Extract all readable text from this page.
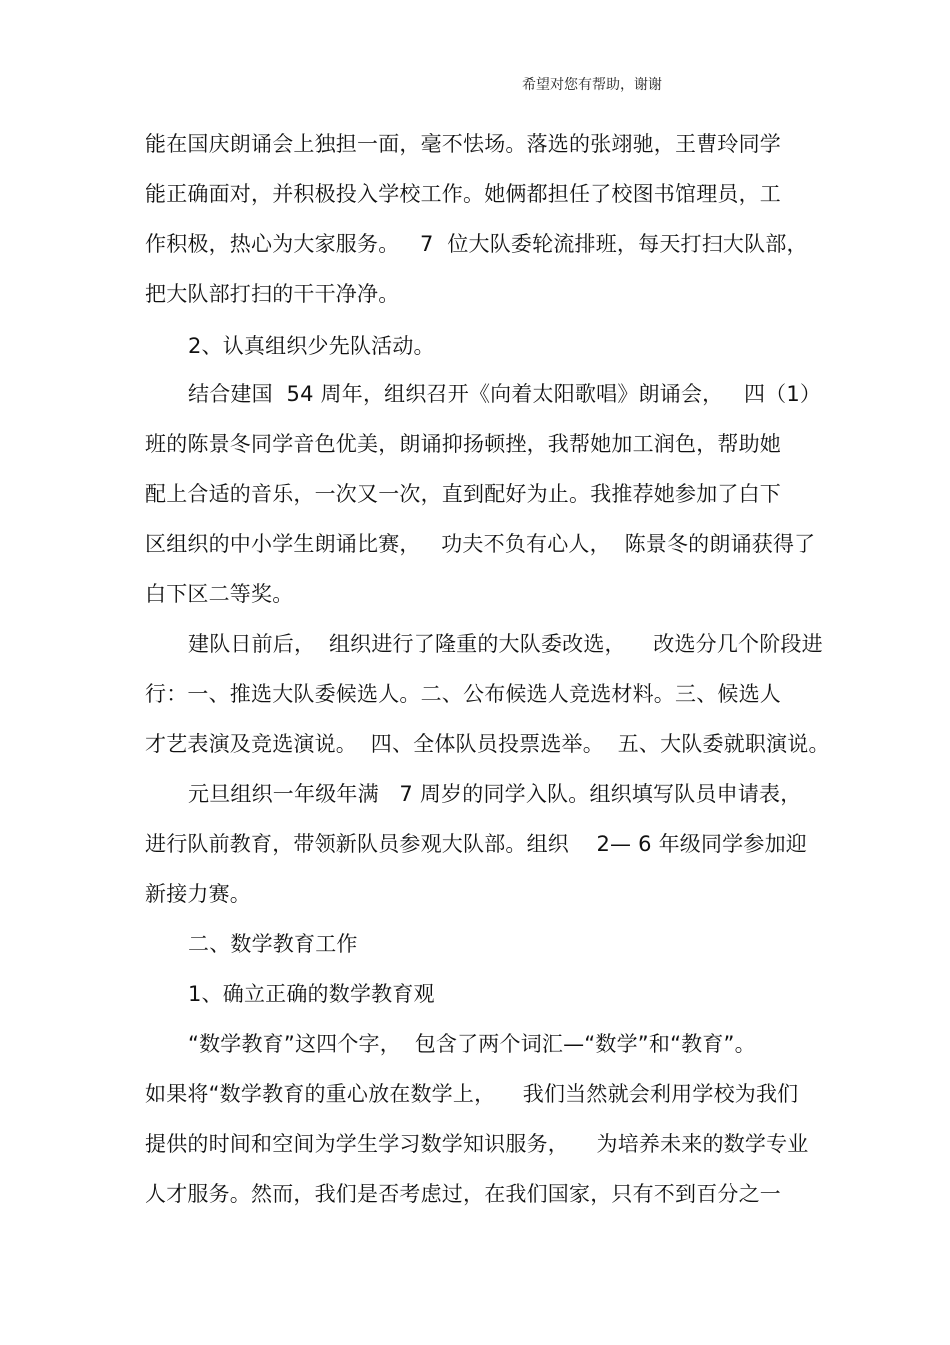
希望对您有帮助，谢谢
能在国庆朗诵会上独担一面，毫不怯场。落选的张翊驰，王曹玲同学
能正确面对，并积极投入学校工作。她俩都担任了校图书馆理员，工
作积极，热心为大家服务。   7  位大队委轮流排班，每天打扫大队部，
把大队部打扫的干干净净。
2、认真组织少先队活动。
结合建国  54 周年，组织召开《向着太阳歌唱》朗诵会，   四（1）
班的陈景冬同学音色优美，朗诵抑扬顿挫，我帮她加工润色，帮助她
配上合适的音乐，一次又一次，直到配好为止。我推荐她参加了白下
区组织的中小学生朗诵比赛，   功夫不负有心人，  陈景冬的朗诵获得了
白下区二等奖。
建队日前后，  组织进行了隆重的大队委改选，    改选分几个阶段进
行：一、推选大队委候选人。二、公布候选人竞选材料。三、候选人
才艺表演及竞选演说。  四、全体队员投票选举。  五、大队委就职演说。
元旦组织一年级年满   7 周岁的同学入队。组织填写队员申请表，
进行队前教育，带领新队员参观大队部。组织    2— 6 年级同学参加迎
新接力赛。
二、数学教育工作
1、确立正确的数学教育观
“数学教育”这四个字，  包含了两个词汇—“数学”和“教育”。
如果将“数学教育的重心放在数学上，    我们当然就会利用学校为我们
提供的时间和空间为学生学习数学知识服务，    为培养未来的数学专业
人才服务。然而，我们是否考虑过，在我们国家，只有不到百分之一
